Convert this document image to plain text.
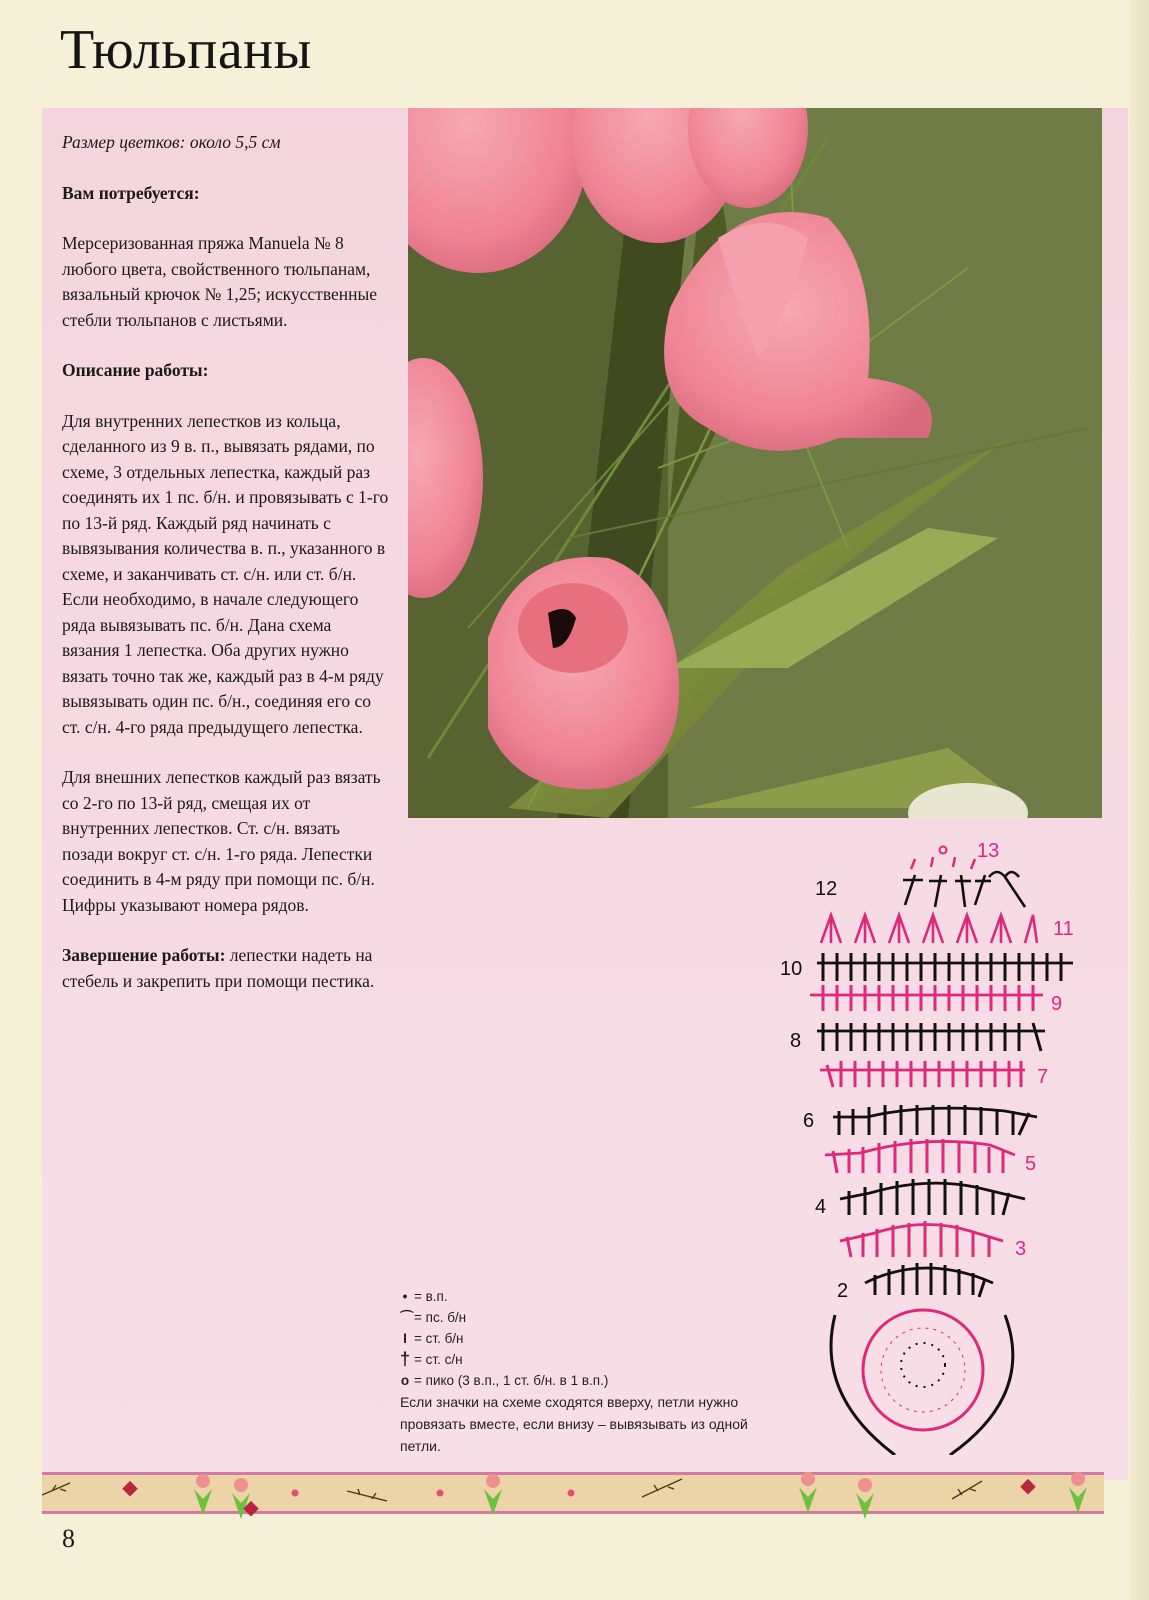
Тюльпаны

Размер цветков: около 5,5 см

Вам потребуется:

Мерсеризованная пряжа Manuela № 8 любого цвета, свойственного тюльпанам, вязальный крючок № 1,25; искусственные стебли тюльпанов с листьями.

Описание работы:

Для внутренних лепестков из кольца, сделанного из 9 в. п., вывязать рядами, по схеме, 3 отдельных лепестка, каждый раз соединять их 1 пс. б/н. и провязывать с 1-го по 13-й ряд. Каждый ряд начинать с вывязывания количества в. п., указанного в схеме, и заканчивать ст. с/н. или ст. б/н. Если необходимо, в начале следующего ряда вывязывать пс. б/н. Дана схема вязания 1 лепестка. Оба других нужно вязать точно так же, каждый раз в 4-м ряду вывязывать один пс. б/н., соединяя его со ст. с/н. 4-го ряда предыдущего лепестка.

Для внешних лепестков каждый раз вязать со 2-го по 13-й ряд, смещая их от внутренних лепестков. Ст. с/н. вязать позади вокруг ст. с/н. 1-го ряда. Лепестки соединить в 4-м ряду при помощи пс. б/н. Цифры указывают номера рядов.

Завершение работы: лепестки надеть на стебель и закрепить при помощи пестика.

13
12
11
10
9
8
7
6
5
4
3
2
• = в.п.
⌒ = пс. б/н
I = ст. б/н
† = ст. с/н
o = пико (3 в.п., 1 ст. б/н. в 1 в.п.)
Если значки на схеме сходятся вверху, петли нужно провязать вместе, если внизу – вывязывать из одной петли.
8
